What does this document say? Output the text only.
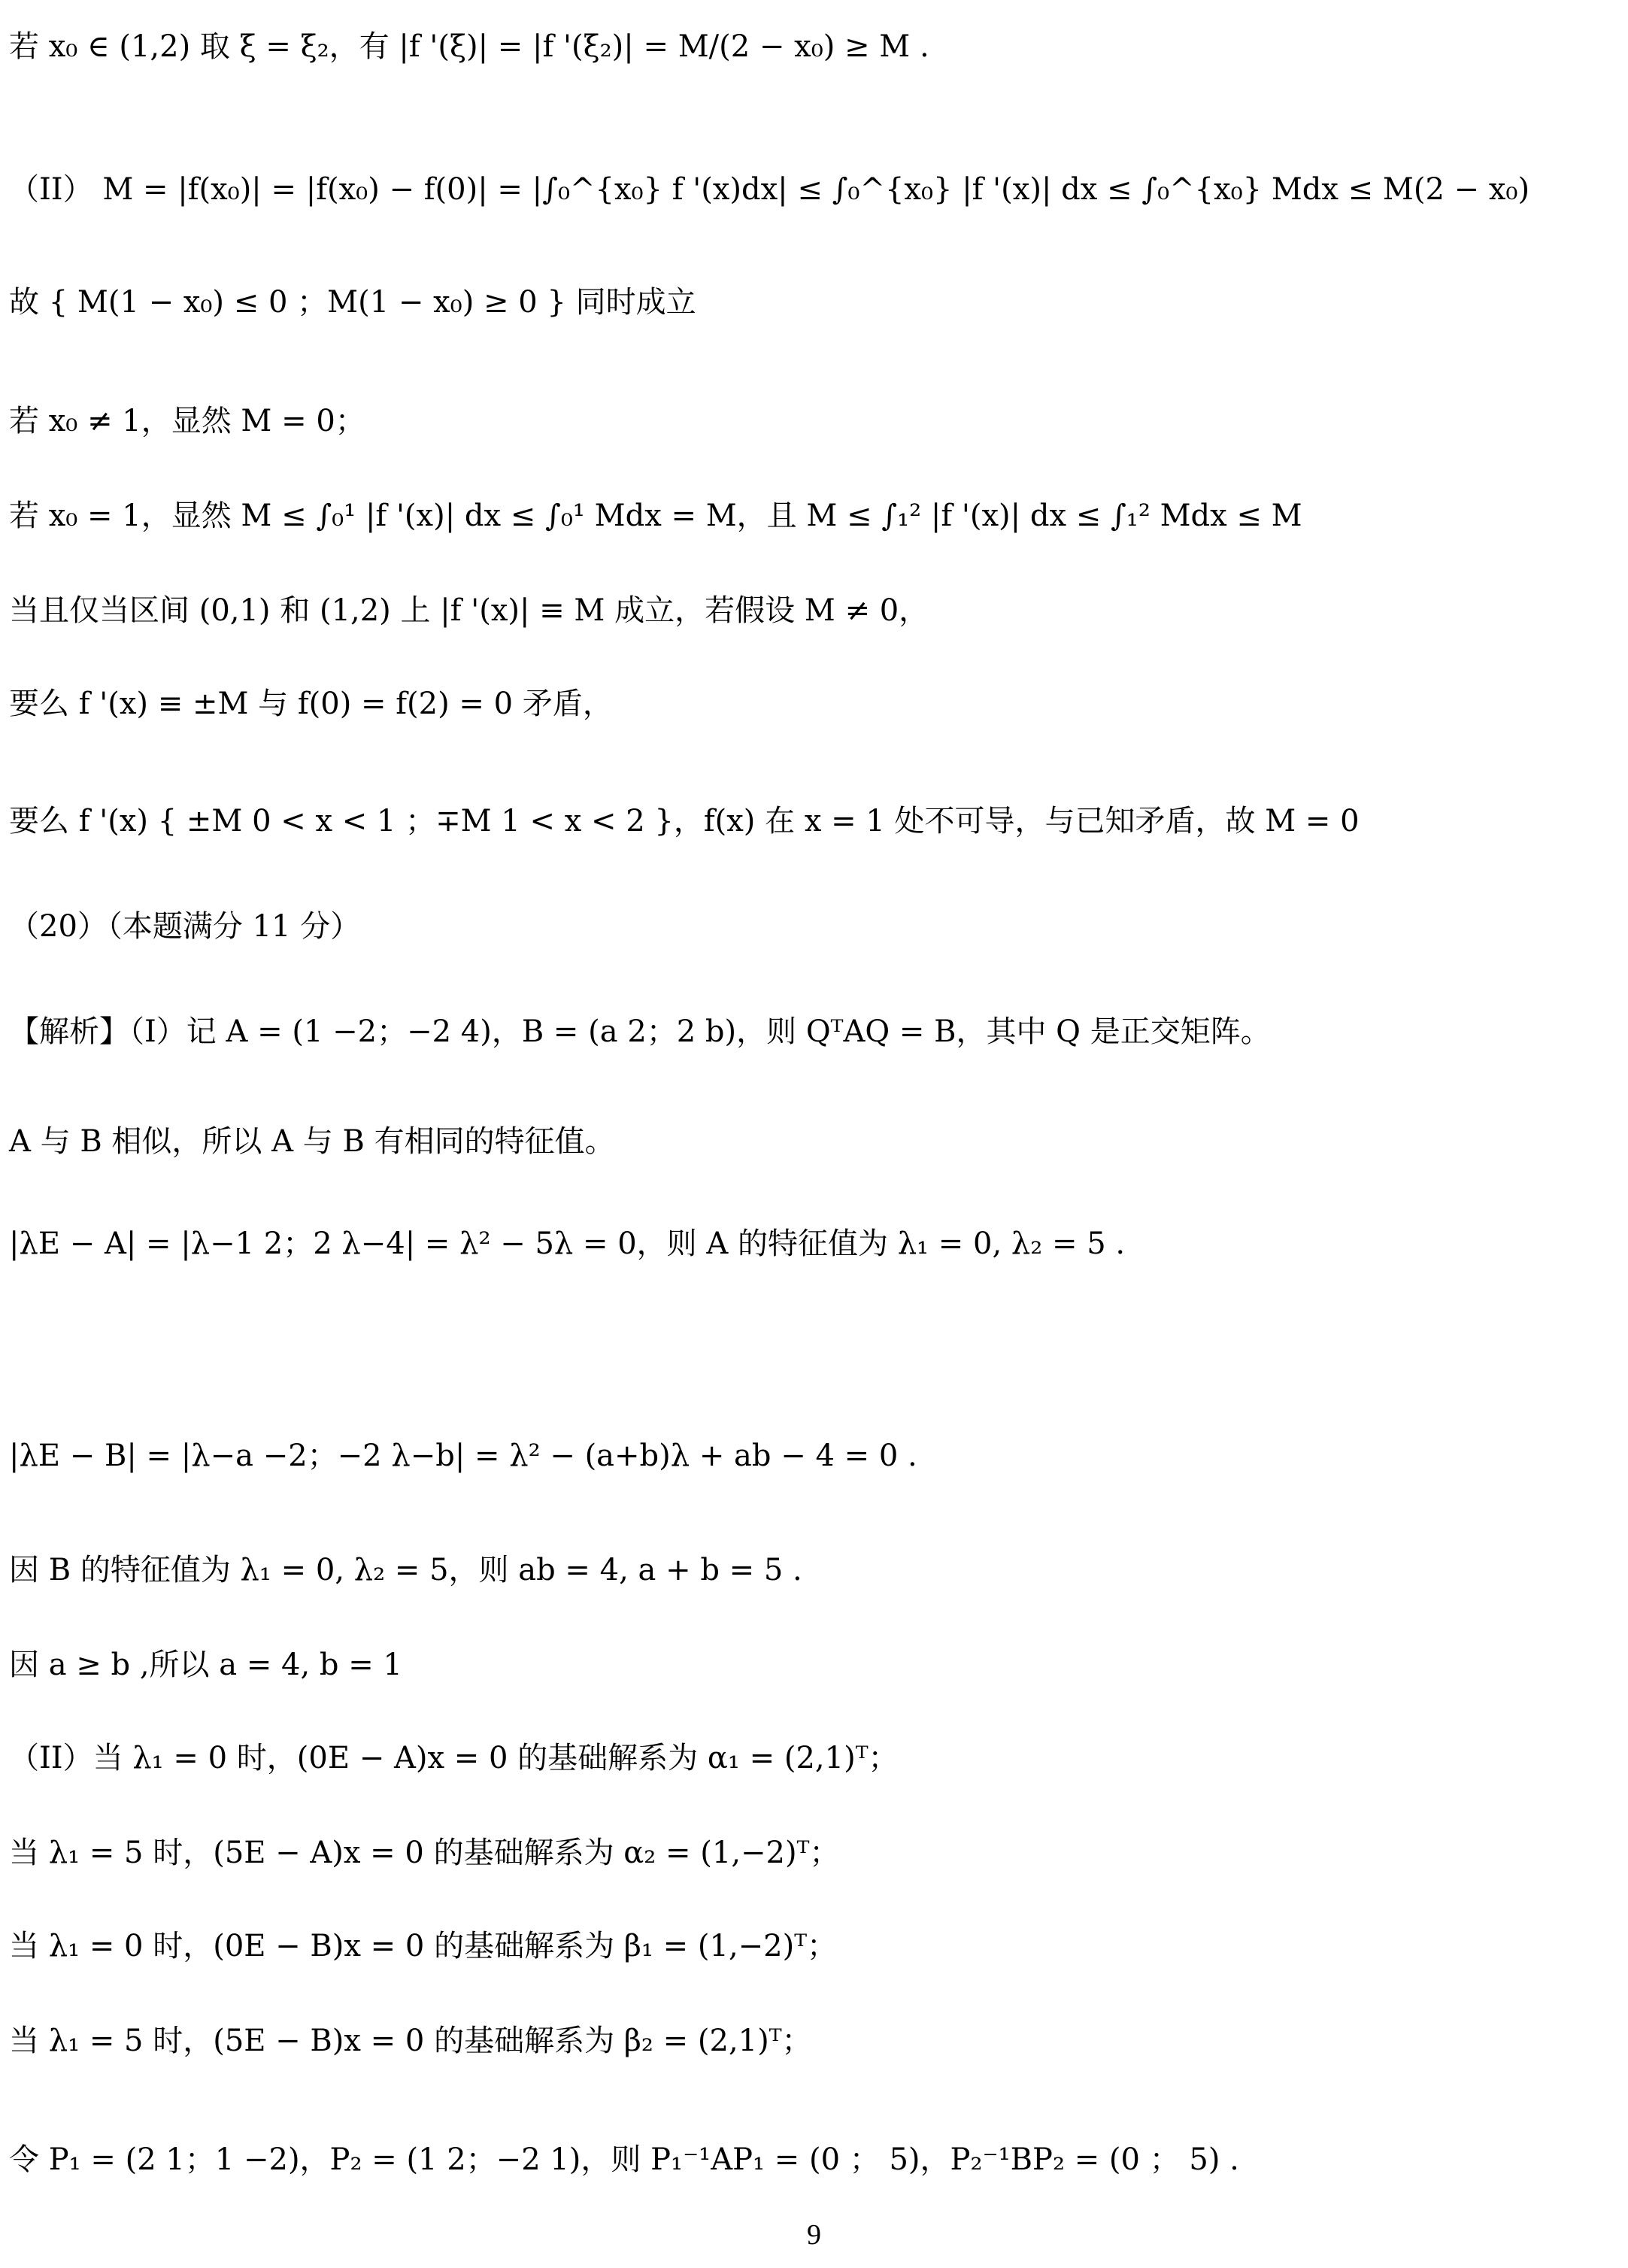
若 x₀ ∈ (1,2) 取 ξ = ξ₂，有 |f '(ξ)| = |f '(ξ₂)| = M/(2 − x₀) ≥ M .
（II） M = |f(x₀)| = |f(x₀) − f(0)| = |∫₀^{x₀} f '(x)dx| ≤ ∫₀^{x₀} |f '(x)| dx ≤ ∫₀^{x₀} Mdx ≤ M(2 − x₀)
故 { M(1 − x₀) ≤ 0 ；M(1 − x₀) ≥ 0 } 同时成立
若 x₀ ≠ 1，显然 M = 0；
若 x₀ = 1，显然 M ≤ ∫₀¹ |f '(x)| dx ≤ ∫₀¹ Mdx = M，且 M ≤ ∫₁² |f '(x)| dx ≤ ∫₁² Mdx ≤ M
当且仅当区间 (0,1) 和 (1,2) 上 |f '(x)| ≡ M 成立，若假设 M ≠ 0，
要么 f '(x) ≡ ±M 与 f(0) = f(2) = 0 矛盾，
要么 f '(x) { ±M 0 < x < 1 ；∓M 1 < x < 2 }，f(x) 在 x = 1 处不可导，与已知矛盾，故 M = 0
（20）（本题满分 11 分）
【解析】（I）记 A = (1 −2；−2 4)，B = (a 2；2 b)，则 QᵀAQ = B，其中 Q 是正交矩阵。
A 与 B 相似，所以 A 与 B 有相同的特征值。
|λE − A| = |λ−1 2；2 λ−4| = λ² − 5λ = 0，则 A 的特征值为 λ₁ = 0, λ₂ = 5 .
|λE − B| = |λ−a −2；−2 λ−b| = λ² − (a+b)λ + ab − 4 = 0 .
因 B 的特征值为 λ₁ = 0, λ₂ = 5，则 ab = 4, a + b = 5 .
因 a ≥ b ,所以 a = 4, b = 1
（II）当 λ₁ = 0 时，(0E − A)x = 0 的基础解系为 α₁ = (2,1)ᵀ；
当 λ₁ = 5 时，(5E − A)x = 0 的基础解系为 α₂ = (1,−2)ᵀ；
当 λ₁ = 0 时，(0E − B)x = 0 的基础解系为 β₁ = (1,−2)ᵀ；
当 λ₁ = 5 时，(5E − B)x = 0 的基础解系为 β₂ = (2,1)ᵀ；
令 P₁ = (2 1；1 −2)，P₂ = (1 2；−2 1)，则 P₁⁻¹AP₁ = (0 ； 5)，P₂⁻¹BP₂ = (0 ； 5) .
9
